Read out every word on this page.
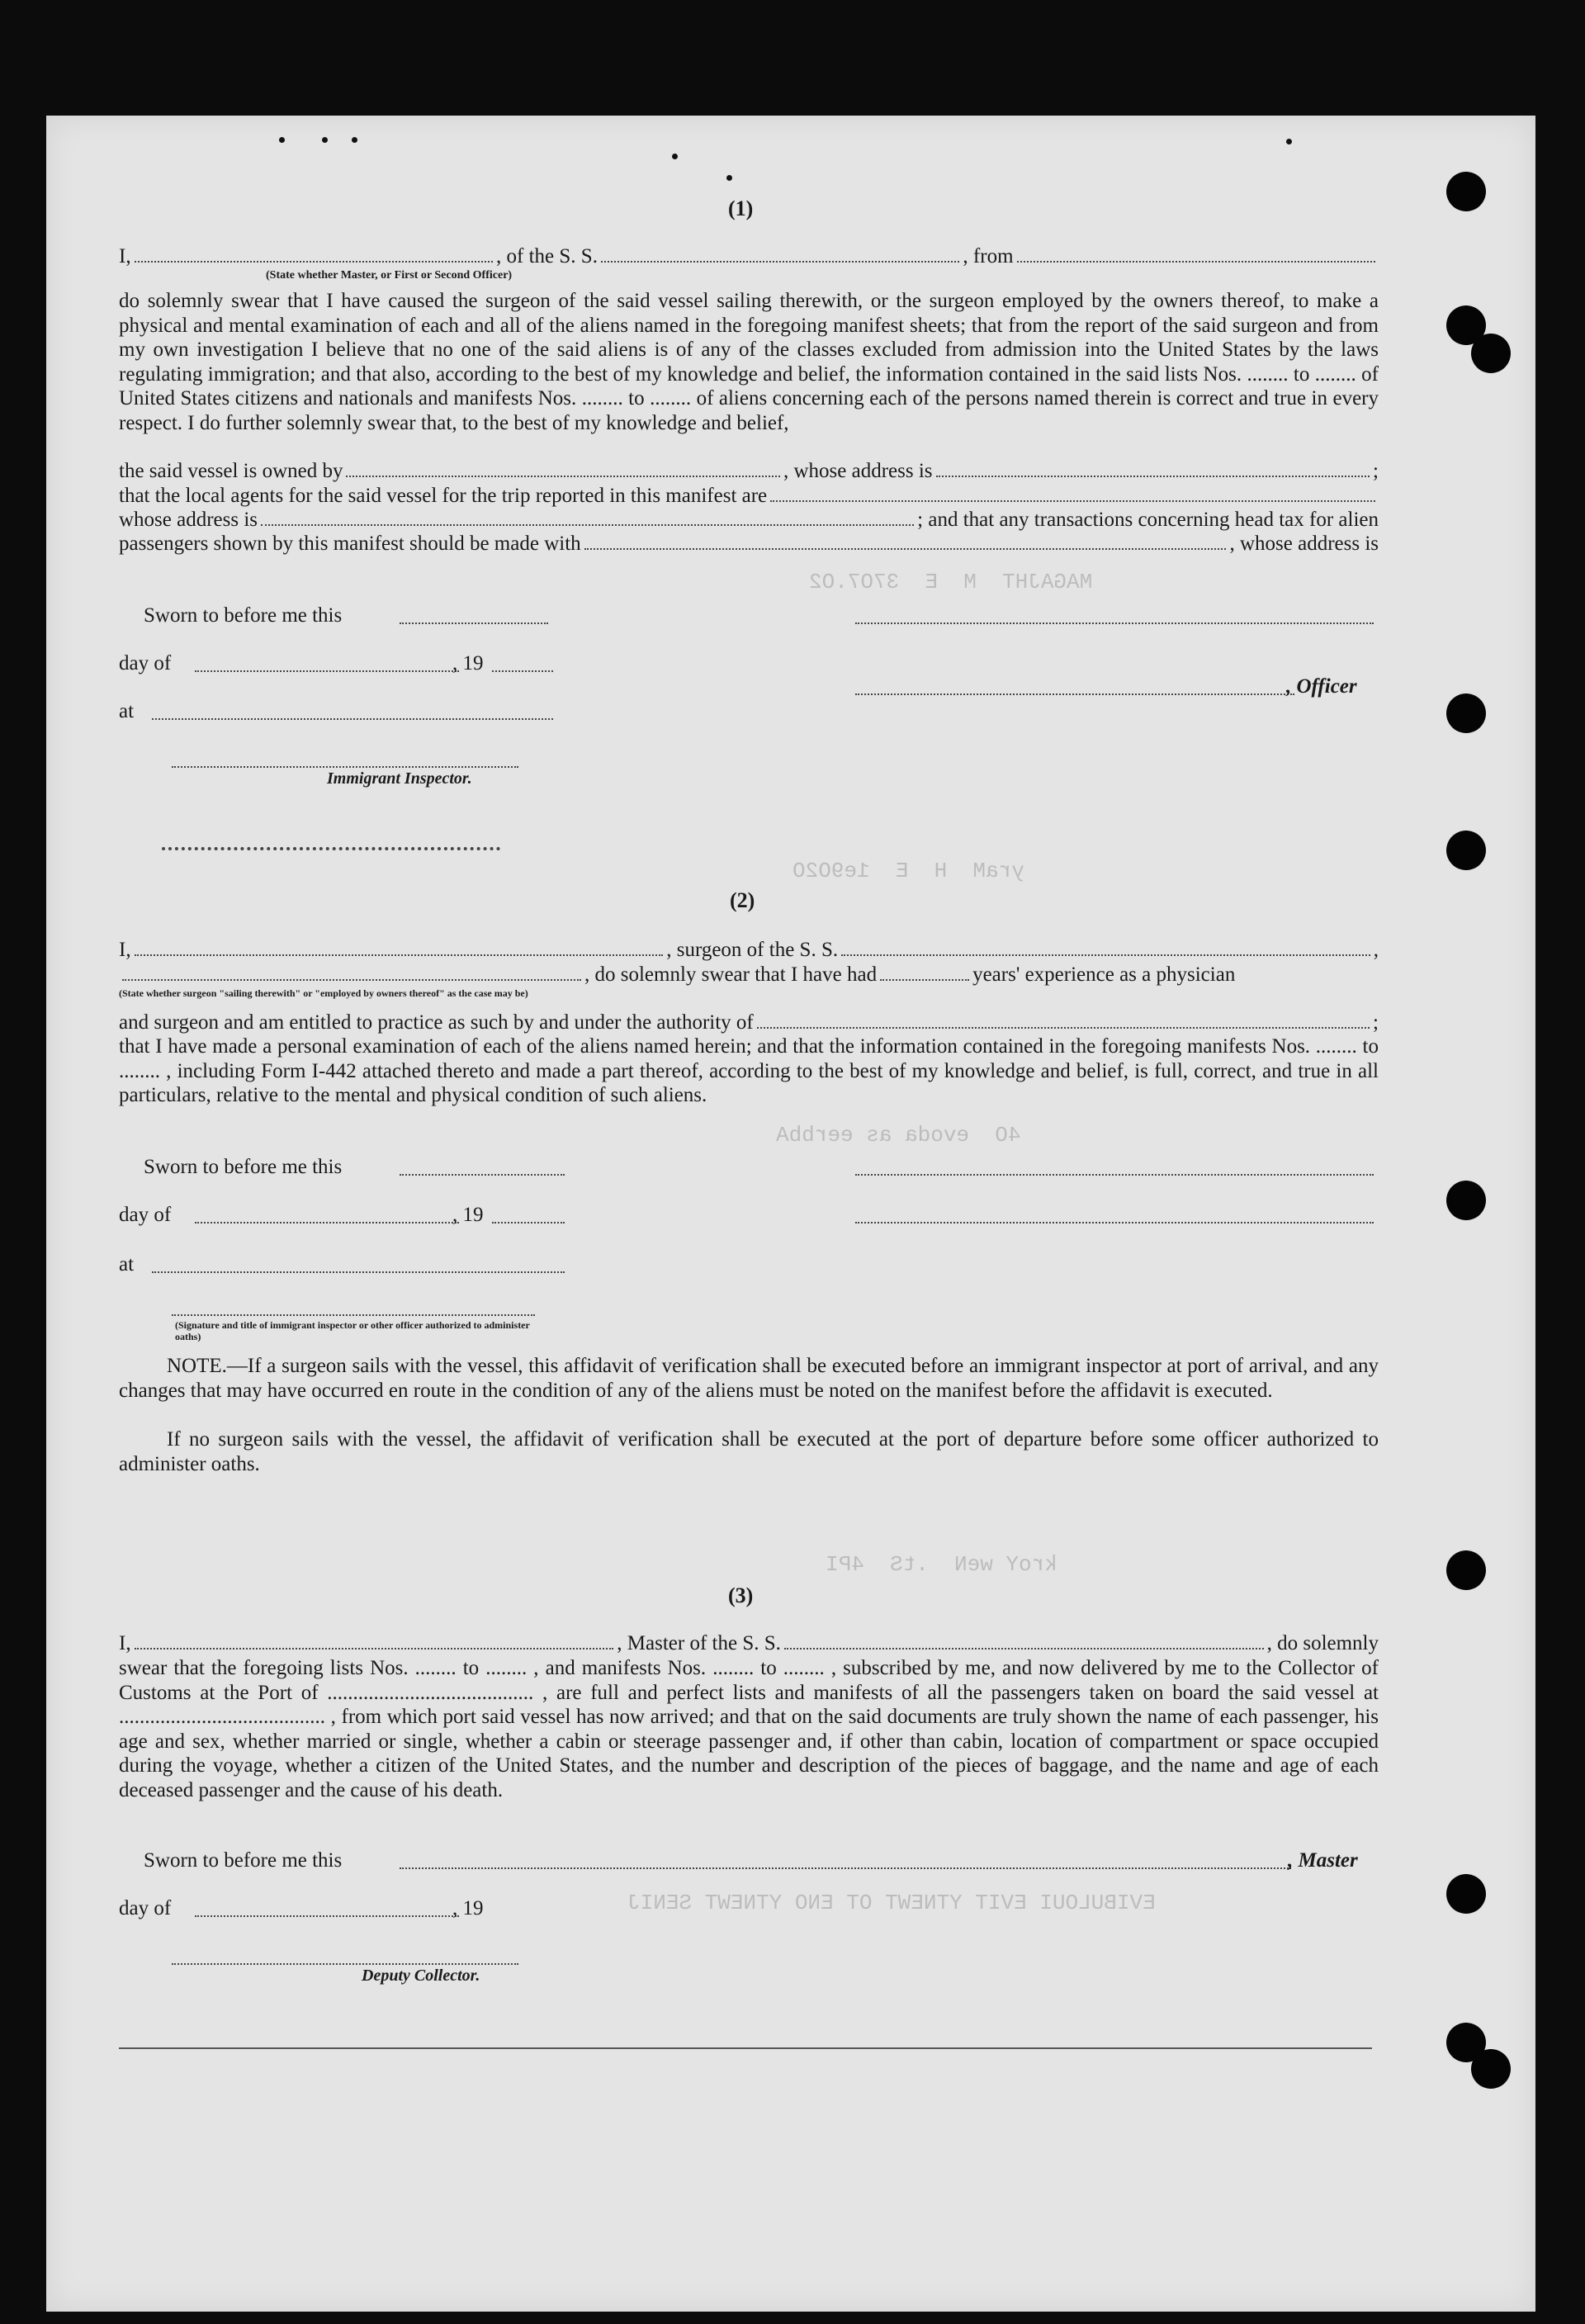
MAGAJHT  M  E  37O7.O2
yraM  H  E  1e9O2O
4O  evoda as eerbbA
kroY weN  .tS  4PI
EVIBULOUI EVIT YTNEWT OT ENO YTNEWT SENIJ
(1)
I,	, of the S. S.	, from
(State whether Master, or First or Second Officer)
do solemnly swear that I have caused the surgeon of the said vessel sailing therewith, or the surgeon employed by the owners thereof, to make a physical and mental examination of each and all of the aliens named in the foregoing manifest sheets; that from the report of the said surgeon and from my own investigation I believe that no one of the said aliens is of any of the classes excluded from admission into the United States by the laws regulating immigration; and that also, according to the best of my knowledge and belief, the information contained in the said lists Nos. ........ to ........ of United States citizens and nationals and manifests Nos. ........ to ........ of aliens concerning each of the persons named therein is correct and true in every respect. I do further solemnly swear that, to the best of my knowledge and belief,
the said vessel is owned by	, whose address is	;
that the local agents for the said vessel for the trip reported in this manifest are
whose address is	; and that any transactions concerning head tax for alien
passengers shown by this manifest should be made with	, whose address is
Sworn to before me this
day of	, 19
, Officer
at
Immigrant Inspector.
(2)
I,	, surgeon of the S. S.	,
, do solemnly swear that I have had	years' experience as a physician
(State whether surgeon "sailing therewith" or "employed by owners thereof" as the case may be)
and surgeon and am entitled to practice as such by and under the authority of	;
that I have made a personal examination of each of the aliens named herein; and that the information contained in the foregoing manifests Nos. ........ to ........ , including Form I-442 attached thereto and made a part thereof, according to the best of my knowledge and belief, is full, correct, and true in all particulars, relative to the mental and physical condition of such aliens.
Sworn to before me this
day of	, 19
at
(Signature and title of immigrant inspector or other officer authorized to administer oaths)
NOTE.—If a surgeon sails with the vessel, this affidavit of verification shall be executed before an immigrant inspector at port of arrival, and any changes that may have occurred en route in the condition of any of the aliens must be noted on the manifest before the affidavit is executed.
If no surgeon sails with the vessel, the affidavit of verification shall be executed at the port of departure before some officer authorized to administer oaths.
(3)
I,	, Master of the S. S.	, do solemnly
swear that the foregoing lists Nos. ........ to ........ , and manifests Nos. ........ to ........ , subscribed by me, and now delivered by me to the Collector of Customs at the Port of ........................................ , are full and perfect lists and manifests of all the passengers taken on board the said vessel at ........................................ , from which port said vessel has now arrived; and that on the said documents are truly shown the name of each passenger, his age and sex, whether married or single, whether a cabin or steerage passenger and, if other than cabin, location of compartment or space occupied during the voyage, whether a citizen of the United States, and the number and description of the pieces of baggage, and the name and age of each deceased passenger and the cause of his death.
Sworn to before me this	, Master
day of	, 19
Deputy Collector.
